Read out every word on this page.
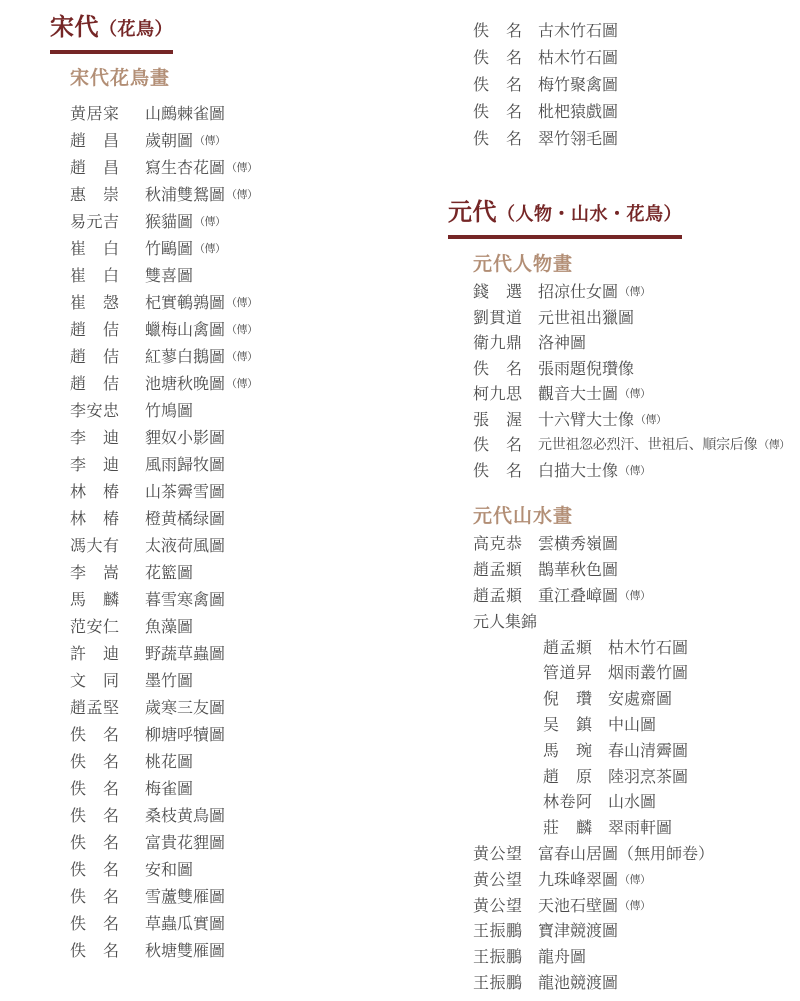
宋代（花鳥）
宋代花鳥畫
黄居寀 山鷓棘雀圖
趙昌 歲朝圖 （傳）
趙昌 寫生杏花圖 （傳）
惠崇 秋浦雙鴛圖 （傳）
易元吉 猴貓圖 （傳）
崔白 竹鷗圖 （傳）
崔白 雙喜圖
崔愨 杞實鵪鶉圖 （傳）
趙佶 蠟梅山禽圖 （傳）
趙佶 紅蓼白鵝圖 （傳）
趙佶 池塘秋晚圖 （傳）
李安忠 竹鳩圖
李迪 貍奴小影圖
李迪 風雨歸牧圖
林椿 山茶霽雪圖
林椿 橙黄橘绿圖
馮大有 太液荷風圖
李嵩 花籃圖
馬麟 暮雪寒禽圖
范安仁 魚藻圖
許迪 野蔬草蟲圖
文同 墨竹圖
趙孟堅 歲寒三友圖
佚名 柳塘呼犢圖
佚名 桃花圖
佚名 梅雀圖
佚名 桑枝黄鳥圖
佚名 富貴花貍圖
佚名 安和圖
佚名 雪蘆雙雁圖
佚名 草蟲瓜實圖
佚名 秋塘雙雁圖
佚名 古木竹石圖
佚名 枯木竹石圖
佚名 梅竹聚禽圖
佚名 枇杷猿戲圖
佚名 翠竹翎毛圖
元代（人物・山水・花鳥）
元代人物畫
錢選 招凉仕女圖 （傳）
劉貫道 元世祖出獵圖
衛九鼎 洛神圖
佚名 張雨題倪瓚像
柯九思 觀音大士圖 （傳）
張渥 十六臂大士像 （傳）
佚名 元世祖忽必烈汗、世祖后、順宗后像 （傳）
佚名 白描大士像 （傳）
元代山水畫
高克恭 雲横秀嶺圖
趙孟頫 鵲華秋色圖
趙孟頫 重江叠嶂圖 （傳）
元人集錦
趙孟頫 枯木竹石圖
管道昇 烟雨叢竹圖
倪瓚 安處齋圖
吴鎮 中山圖
馬琬 春山清霽圖
趙原 陸羽烹茶圖
林卷阿 山水圖
莊麟 翠雨軒圖
黄公望 富春山居圖（無用師卷）
黄公望 九珠峰翠圖 （傳）
黄公望 天池石壁圖 （傳）
王振鵬 寶津競渡圖
王振鵬 龍舟圖
王振鵬 龍池競渡圖
